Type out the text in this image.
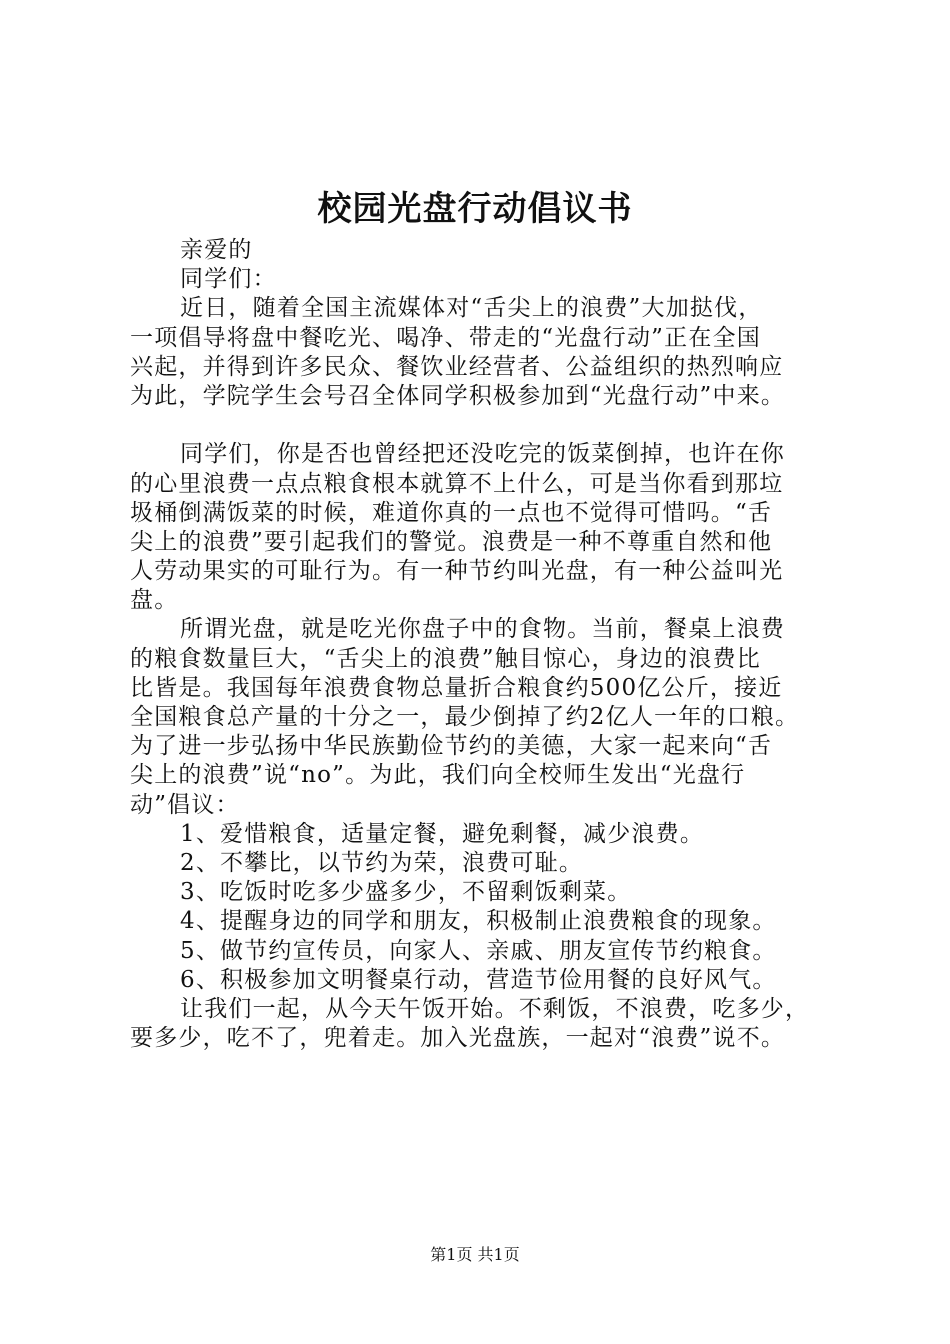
校园光盘行动倡议书
亲爱的
同学们：
近日，随着全国主流媒体对“舌尖上的浪费”大加挞伐，
一项倡导将盘中餐吃光、喝净、带走的“光盘行动”正在全国
兴起，并得到许多民众、餐饮业经营者、公益组织的热烈响应
为此，学院学生会号召全体同学积极参加到“光盘行动”中来。
同学们，你是否也曾经把还没吃完的饭菜倒掉，也许在你
的心里浪费一点点粮食根本就算不上什么，可是当你看到那垃
圾桶倒满饭菜的时候，难道你真的一点也不觉得可惜吗。“舌
尖上的浪费”要引起我们的警觉。浪费是一种不尊重自然和他
人劳动果实的可耻行为。有一种节约叫光盘，有一种公益叫光
盘。
所谓光盘，就是吃光你盘子中的食物。当前，餐桌上浪费
的粮食数量巨大，“舌尖上的浪费”触目惊心，身边的浪费比
比皆是。我国每年浪费食物总量折合粮食约500亿公斤，接近
全国粮食总产量的十分之一，最少倒掉了约2亿人一年的口粮。
为了进一步弘扬中华民族勤俭节约的美德，大家一起来向“舌
尖上的浪费”说“no”。为此，我们向全校师生发出“光盘行
动”倡议：
1、爱惜粮食，适量定餐，避免剩餐，减少浪费。
2、不攀比，以节约为荣，浪费可耻。
3、吃饭时吃多少盛多少，不留剩饭剩菜。
4、提醒身边的同学和朋友，积极制止浪费粮食的现象。
5、做节约宣传员，向家人、亲戚、朋友宣传节约粮食。
6、积极参加文明餐桌行动，营造节俭用餐的良好风气。
让我们一起，从今天午饭开始。不剩饭，不浪费，吃多少，
要多少，吃不了，兜着走。加入光盘族，一起对“浪费”说不。
第1页 共1页
